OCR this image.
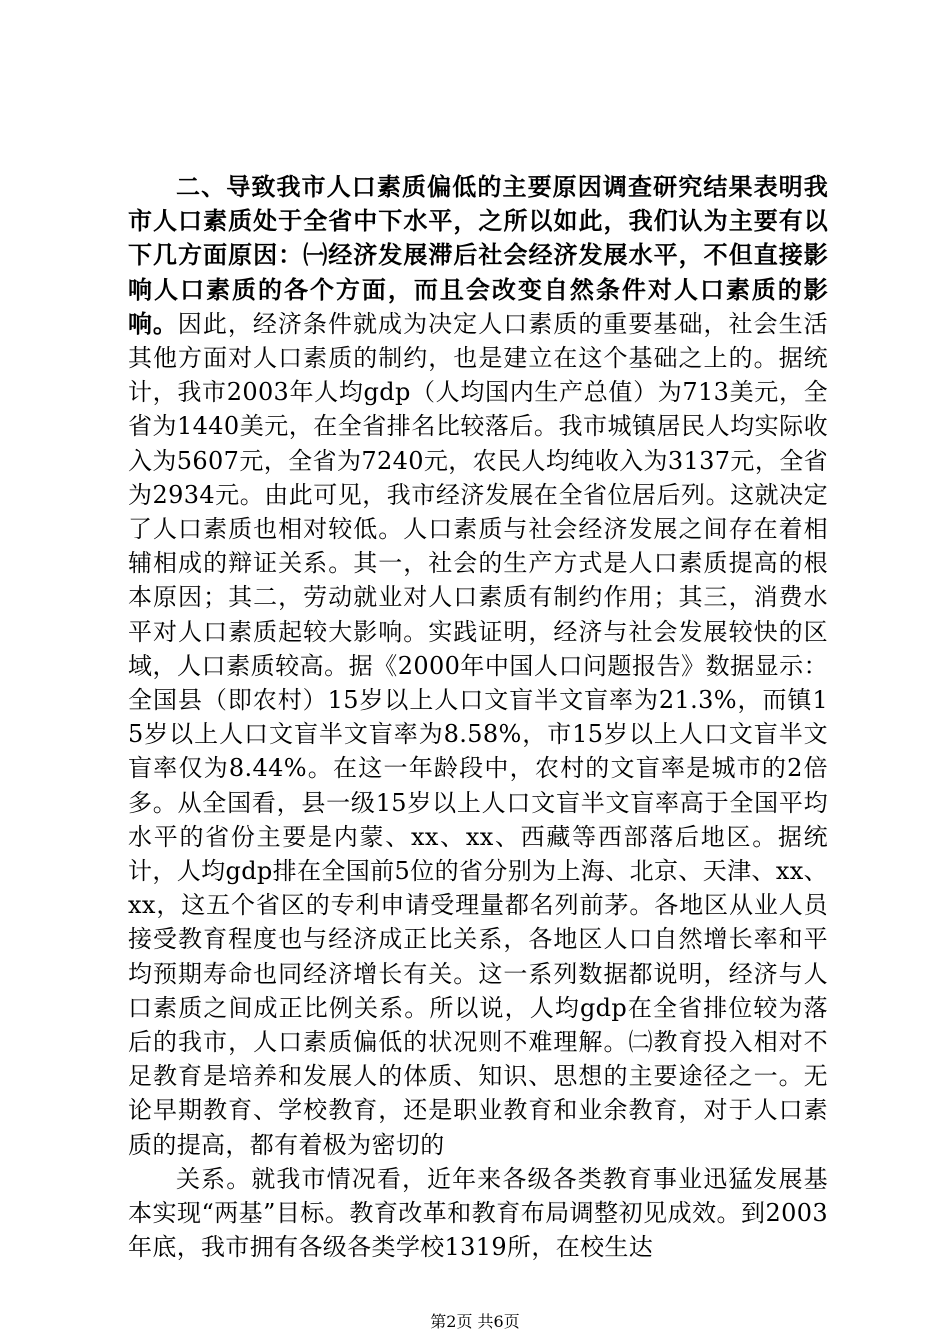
二、导致我市人口素质偏低的主要原因调查研究结果表明我市人口素质处于全省中下水平，之所以如此，我们认为主要有以下几方面原因：㈠经济发展滞后社会经济发展水平，不但直接影响人口素质的各个方面，而且会改变自然条件对人口素质的影响。因此，经济条件就成为决定人口素质的重要基础，社会生活其他方面对人口素质的制约，也是建立在这个基础之上的。据统计，我市2003年人均gdp（人均国内生产总值）为713美元，全省为1440美元，在全省排名比较落后。我市城镇居民人均实际收入为5607元，全省为7240元，农民人均纯收入为3137元，全省为2934元。由此可见，我市经济发展在全省位居后列。这就决定了人口素质也相对较低。人口素质与社会经济发展之间存在着相辅相成的辩证关系。其一，社会的生产方式是人口素质提高的根本原因；其二，劳动就业对人口素质有制约作用；其三，消费水平对人口素质起较大影响。实践证明，经济与社会发展较快的区域，人口素质较高。据《2000年中国人口问题报告》数据显示：全国县（即农村）15岁以上人口文盲半文盲率为21.3%，而镇15岁以上人口文盲半文盲率为8.58%，市15岁以上人口文盲半文盲率仅为8.44%。在这一年龄段中，农村的文盲率是城市的2倍多。从全国看，县一级15岁以上人口文盲半文盲率高于全国平均水平的省份主要是内蒙、xx、xx、西藏等西部落后地区。据统计，人均gdp排在全国前5位的省分别为上海、北京、天津、xx、xx，这五个省区的专利申请受理量都名列前茅。各地区从业人员接受教育程度也与经济成正比关系，各地区人口自然增长率和平均预期寿命也同经济增长有关。这一系列数据都说明，经济与人口素质之间成正比例关系。所以说，人均gdp在全省排位较为落后的我市，人口素质偏低的状况则不难理解。㈡教育投入相对不足教育是培养和发展人的体质、知识、思想的主要途径之一。无论早期教育、学校教育，还是职业教育和业余教育，对于人口素质的提高，都有着极为密切的

关系。就我市情况看，近年来各级各类教育事业迅猛发展基本实现“两基”目标。教育改革和教育布局调整初见成效。到2003年底，我市拥有各级各类学校1319所，在校生达

第2页 共6页
